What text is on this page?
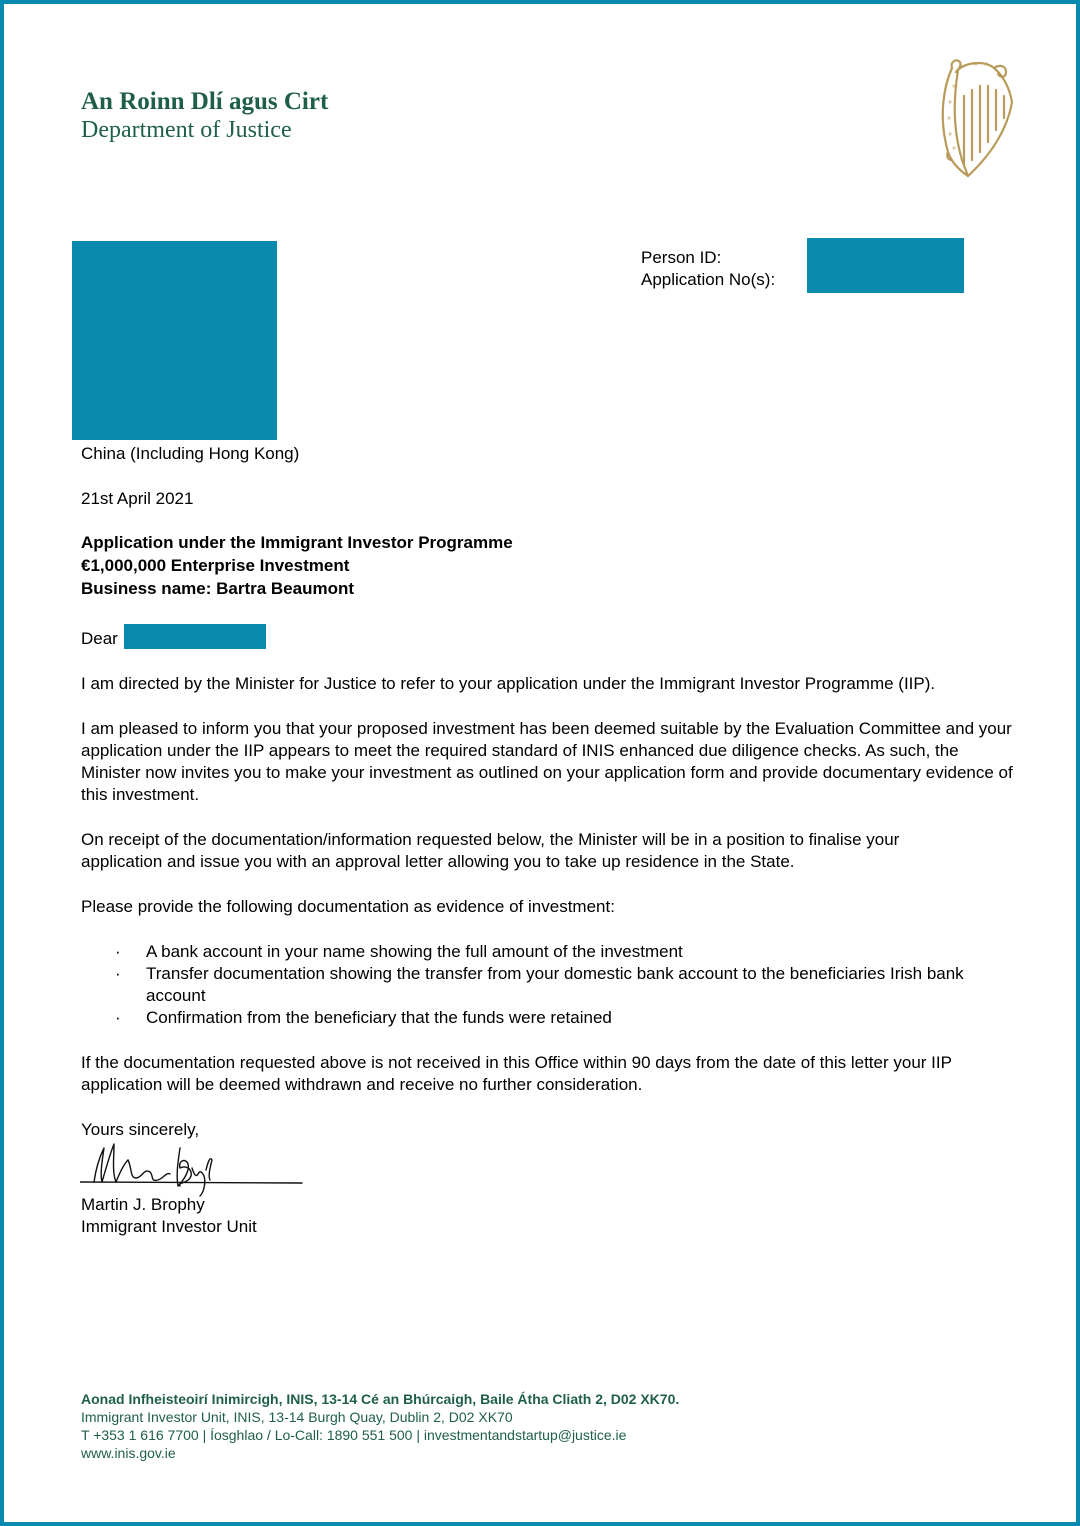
An Roinn Dlí agus Cirt
Department of Justice
Person ID:
Application No(s):
China (Including Hong Kong)
21st April 2021
Application under the Immigrant Investor Programme
€1,000,000 Enterprise Investment
Business name: Bartra Beaumont
Dear
I am directed by the Minister for Justice to refer to your application under the Immigrant Investor Programme (IIP).
I am pleased to inform you that your proposed investment has been deemed suitable by the Evaluation Committee and your application under the IIP appears to meet the required standard of INIS enhanced due diligence checks. As such, the Minister now invites you to make your investment as outlined on your application form and provide documentary evidence of this investment.
On receipt of the documentation/information requested below, the Minister will be in a position to finalise your application and issue you with an approval letter allowing you to take up residence in the State.
Please provide the following documentation as evidence of investment:
· A bank account in your name showing the full amount of the investment
· Transfer documentation showing the transfer from your domestic bank account to the beneficiaries Irish bank account
· Confirmation from the beneficiary that the funds were retained
If the documentation requested above is not received in this Office within 90 days from the date of this letter your IIP application will be deemed withdrawn and receive no further consideration.
Yours sincerely,
Martin J. Brophy
Immigrant Investor Unit
Aonad Infheisteoirí Inimircigh, INIS, 13-14 Cé an Bhúrcaigh, Baile Átha Cliath 2, D02 XK70.
Immigrant Investor Unit, INIS, 13-14 Burgh Quay, Dublin 2, D02 XK70
T +353 1 616 7700 | Íosghlao / Lo-Call: 1890 551 500 | investmentandstartup@justice.ie
www.inis.gov.ie
